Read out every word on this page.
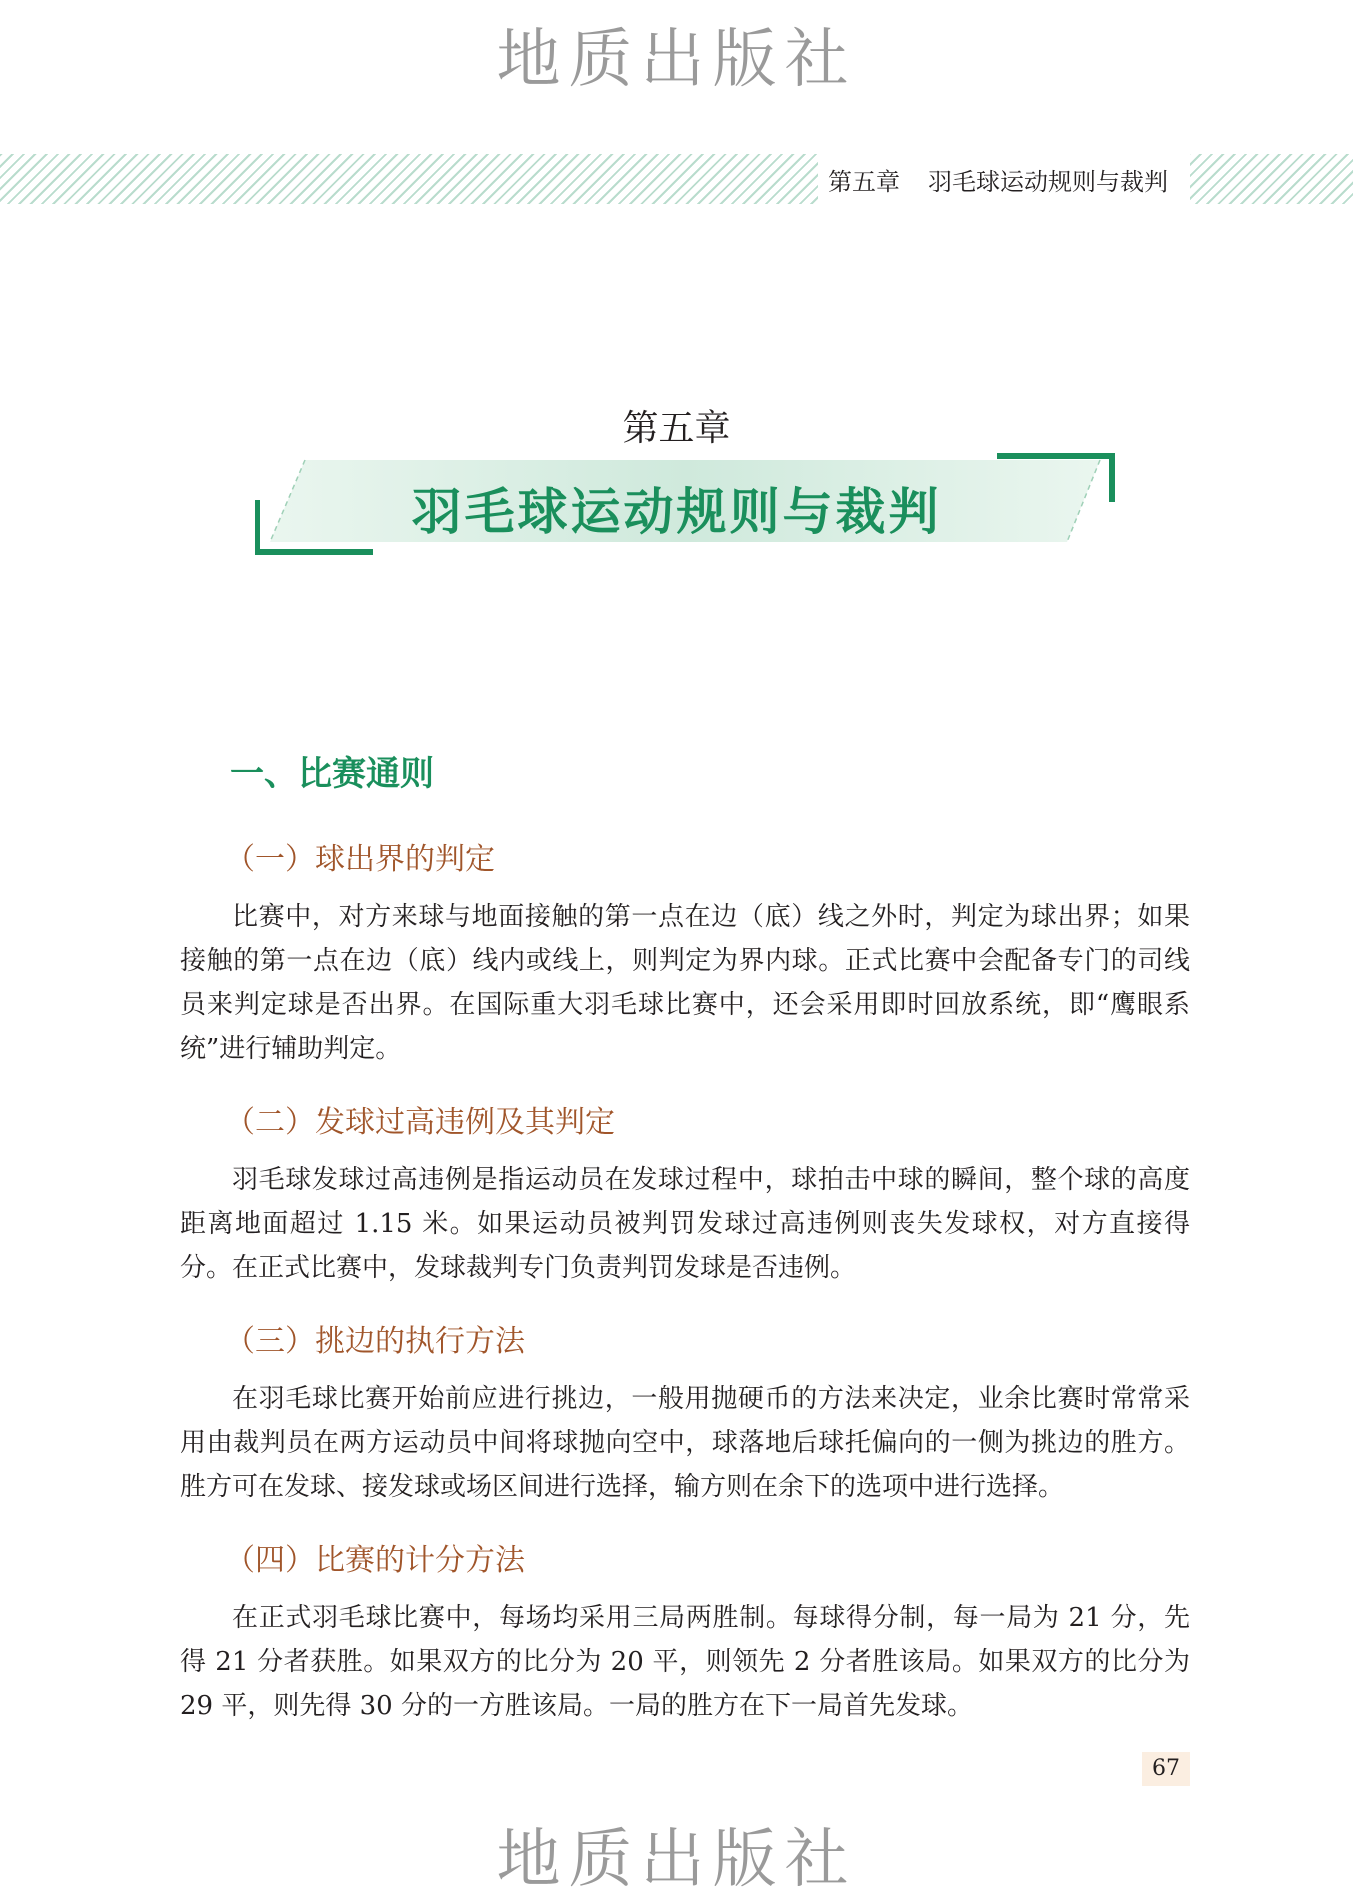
地质出版社
第五章 羽毛球运动规则与裁判
第五章
羽毛球运动规则与裁判
一、比赛通则
（一）球出界的判定
比赛中，对方来球与地面接触的第一点在边（底）线之外时，判定为球出界；如果接触的第一点在边（底）线内或线上，则判定为界内球。正式比赛中会配备专门的司线员来判定球是否出界。在国际重大羽毛球比赛中，还会采用即时回放系统，即“鹰眼系统”进行辅助判定。
（二）发球过高违例及其判定
羽毛球发球过高违例是指运动员在发球过程中，球拍击中球的瞬间，整个球的高度距离地面超过 1.15 米。如果运动员被判罚发球过高违例则丧失发球权，对方直接得分。在正式比赛中，发球裁判专门负责判罚发球是否违例。
（三）挑边的执行方法
在羽毛球比赛开始前应进行挑边，一般用抛硬币的方法来决定，业余比赛时常常采用由裁判员在两方运动员中间将球抛向空中，球落地后球托偏向的一侧为挑边的胜方。胜方可在发球、接发球或场区间进行选择，输方则在余下的选项中进行选择。
（四）比赛的计分方法
在正式羽毛球比赛中，每场均采用三局两胜制。每球得分制，每一局为 21 分，先得 21 分者获胜。如果双方的比分为 20 平，则领先 2 分者胜该局。如果双方的比分为 29 平，则先得 30 分的一方胜该局。一局的胜方在下一局首先发球。
67
地质出版社
